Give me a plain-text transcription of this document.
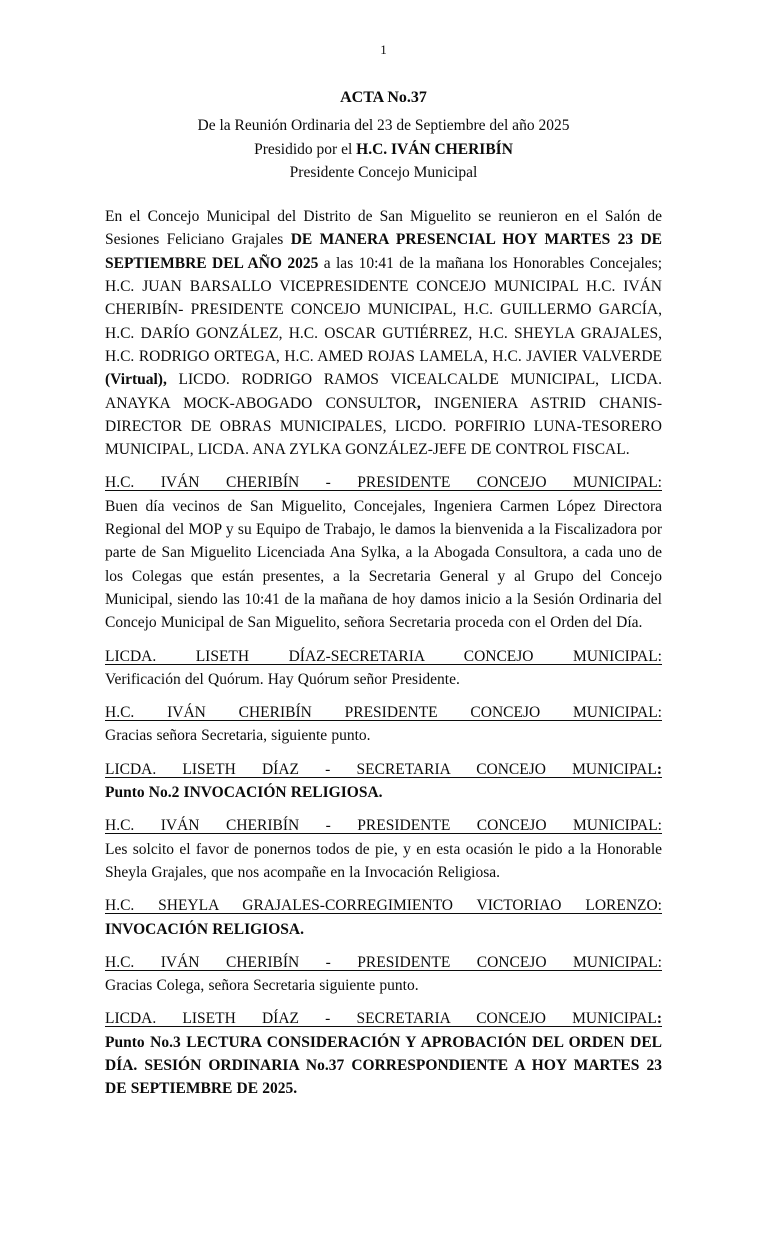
1
ACTA No.37
De la Reunión Ordinaria del 23 de Septiembre del año 2025
Presidido por el H.C. IVÁN CHERIBÍN
Presidente Concejo Municipal
En el Concejo Municipal del Distrito de San Miguelito se reunieron en el Salón de Sesiones Feliciano Grajales DE MANERA PRESENCIAL HOY MARTES 23 DE SEPTIEMBRE DEL AÑO 2025 a las 10:41 de la mañana los Honorables Concejales; H.C. JUAN BARSALLO VICEPRESIDENTE CONCEJO MUNICIPAL H.C. IVÁN CHERIBÍN- PRESIDENTE CONCEJO MUNICIPAL, H.C. GUILLERMO GARCÍA, H.C. DARÍO GONZÁLEZ, H.C. OSCAR GUTIÉRREZ, H.C. SHEYLA GRAJALES, H.C. RODRIGO ORTEGA, H.C. AMED ROJAS LAMELA, H.C. JAVIER VALVERDE (Virtual), LICDO. RODRIGO RAMOS VICEALCALDE MUNICIPAL, LICDA. ANAYKA MOCK-ABOGADO CONSULTOR, INGENIERA ASTRID CHANIS-DIRECTOR DE OBRAS MUNICIPALES, LICDO. PORFIRIO LUNA-TESORERO MUNICIPAL, LICDA. ANA ZYLKA GONZÁLEZ-JEFE DE CONTROL FISCAL.
H.C. IVÁN CHERIBÍN - PRESIDENTE CONCEJO MUNICIPAL:
Buen día vecinos de San Miguelito, Concejales, Ingeniera Carmen López Directora Regional del MOP y su Equipo de Trabajo, le damos la bienvenida a la Fiscalizadora por parte de San Miguelito Licenciada Ana Sylka, a la Abogada Consultora, a cada uno de los Colegas que están presentes, a la Secretaria General y al Grupo del Concejo Municipal, siendo las 10:41 de la mañana de hoy damos inicio a la Sesión Ordinaria del Concejo Municipal de San Miguelito, señora Secretaria proceda con el Orden del Día.
LICDA. LISETH DÍAZ-SECRETARIA CONCEJO MUNICIPAL:
Verificación del Quórum. Hay Quórum señor Presidente.
H.C. IVÁN CHERIBÍN PRESIDENTE CONCEJO MUNICIPAL:
Gracias señora Secretaria, siguiente punto.
LICDA. LISETH DÍAZ - SECRETARIA CONCEJO MUNICIPAL:
Punto No.2 INVOCACIÓN RELIGIOSA.
H.C. IVÁN CHERIBÍN - PRESIDENTE CONCEJO MUNICIPAL:
Les solcito el favor de ponernos todos de pie, y en esta ocasión le pido a la Honorable Sheyla Grajales, que nos acompañe en la Invocación Religiosa.
H.C. SHEYLA GRAJALES-CORREGIMIENTO VICTORIAO LORENZO:
INVOCACIÓN RELIGIOSA.
H.C. IVÁN CHERIBÍN - PRESIDENTE CONCEJO MUNICIPAL:
Gracias Colega, señora Secretaria siguiente punto.
LICDA. LISETH DÍAZ - SECRETARIA CONCEJO MUNICIPAL:
Punto No.3 LECTURA CONSIDERACIÓN Y APROBACIÓN DEL ORDEN DEL DÍA. SESIÓN ORDINARIA No.37 CORRESPONDIENTE A HOY MARTES 23 DE SEPTIEMBRE DE 2025.
